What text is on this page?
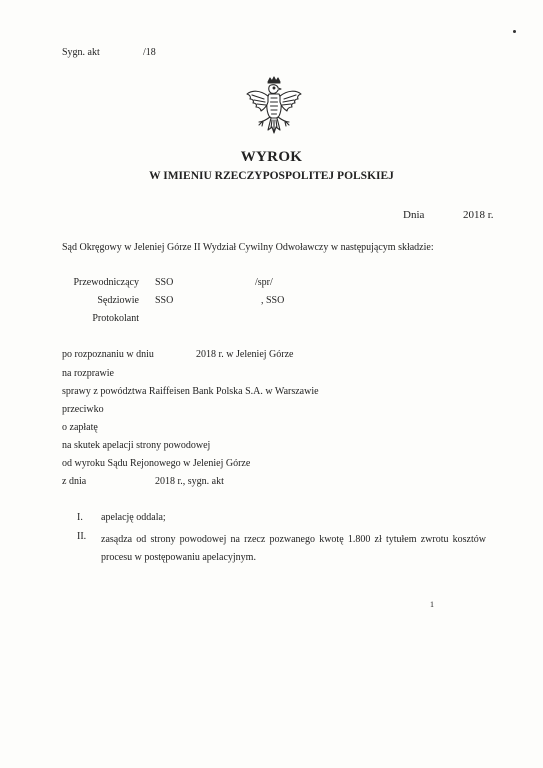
Sygn. akt	/18
WYROK
W IMIENIU RZECZYPOSPOLITEJ POLSKIEJ
Dnia	2018 r.
Sąd Okręgowy w Jeleniej Górze II Wydział Cywilny Odwoławczy w następującym składzie:
Przewodniczący SSO	/spr/
Sędziowie SSO	, SSO
Protokolant
po rozpoznaniu w dniu	2018 r. w Jeleniej Górze
na rozprawie
sprawy z powództwa Raiffeisen Bank Polska S.A. w Warszawie
przeciwko
o zapłatę
na skutek apelacji strony powodowej
od wyroku Sądu Rejonowego w Jeleniej Górze
z dnia	2018 r., sygn. akt
I. apelację oddala;
II. zasądza od strony powodowej na rzecz pozwanego kwotę 1.800 zł tytułem zwrotu kosztów procesu w postępowaniu apelacyjnym.
1
